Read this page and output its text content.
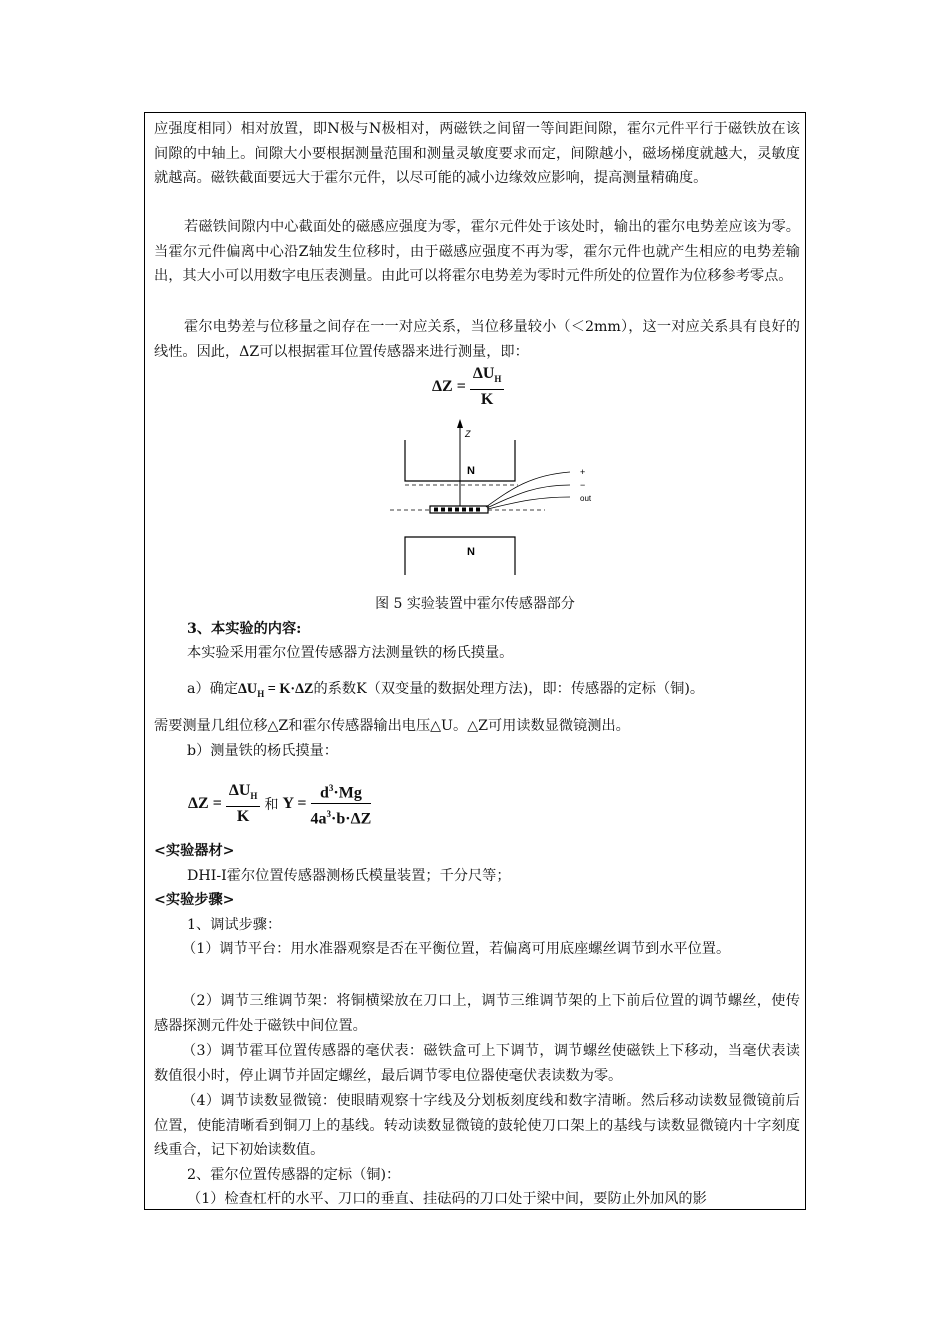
应强度相同）相对放置，即N极与N极相对，两磁铁之间留一等间距间隙，霍尔元件平行于磁铁放在该间隙的中轴上。间隙大小要根据测量范围和测量灵敏度要求而定，间隙越小，磁场梯度就越大，灵敏度就越高。磁铁截面要远大于霍尔元件，以尽可能的减小边缘效应影响，提高测量精确度。

若磁铁间隙内中心截面处的磁感应强度为零，霍尔元件处于该处时，输出的霍尔电势差应该为零。当霍尔元件偏离中心沿Z轴发生位移时，由于磁感应强度不再为零，霍尔元件也就产生相应的电势差输出，其大小可以用数字电压表测量。由此可以将霍尔电势差为零时元件所处的位置作为位移参考零点。

霍尔电势差与位移量之间存在一一对应关系，当位移量较小（＜2mm），这一对应关系具有良好的线性。因此，ΔZ可以根据霍耳位置传感器来进行测量，即：

$\Delta Z = \frac{\Delta U_H}{K}$
Z
N	+
−
out
N
图 5 实验装置中霍尔传感器部分
3、本实验的内容:
本实验采用霍尔位置传感器方法测量铁的杨氏摸量。
a）确定$\Delta U_H = K\cdot\Delta Z$的系数K（双变量的数据处理方法)，即：传感器的定标（铜)。
需要测量几组位移△Z和霍尔传感器输出电压△U。△Z可用读数显微镜测出。
b）测量铁的杨氏摸量：
$\Delta Z = \frac{\Delta U_H}{K}$ 和 $Y = \frac{d^3\cdot Mg}{4a^3\cdot b\cdot\Delta Z}$
<实验器材>
DHI-I霍尔位置传感器测杨氏模量装置；千分尺等；
<实验步骤>
1、调试步骤：

（1）调节平台：用水准器观察是否在平衡位置，若偏离可用底座螺丝调节到水平位置。

（2）调节三维调节架：将铜横梁放在刀口上，调节三维调节架的上下前后位置的调节螺丝，使传感器探测元件处于磁铁中间位置。

（3）调节霍耳位置传感器的毫伏表：磁铁盒可上下调节，调节螺丝使磁铁上下移动，当毫伏表读数值很小时，停止调节并固定螺丝，最后调节零电位器使毫伏表读数为零。

（4）调节读数显微镜：使眼睛观察十字线及分划板刻度线和数字清晰。然后移动读数显微镜前后位置，使能清晰看到铜刀上的基线。转动读数显微镜的鼓轮使刀口架上的基线与读数显微镜内十字刻度线重合，记下初始读数值。

2、霍尔位置传感器的定标（铜)：
（1）检查杠杆的水平、刀口的垂直、挂砝码的刀口处于梁中间，要防止外加风的影
